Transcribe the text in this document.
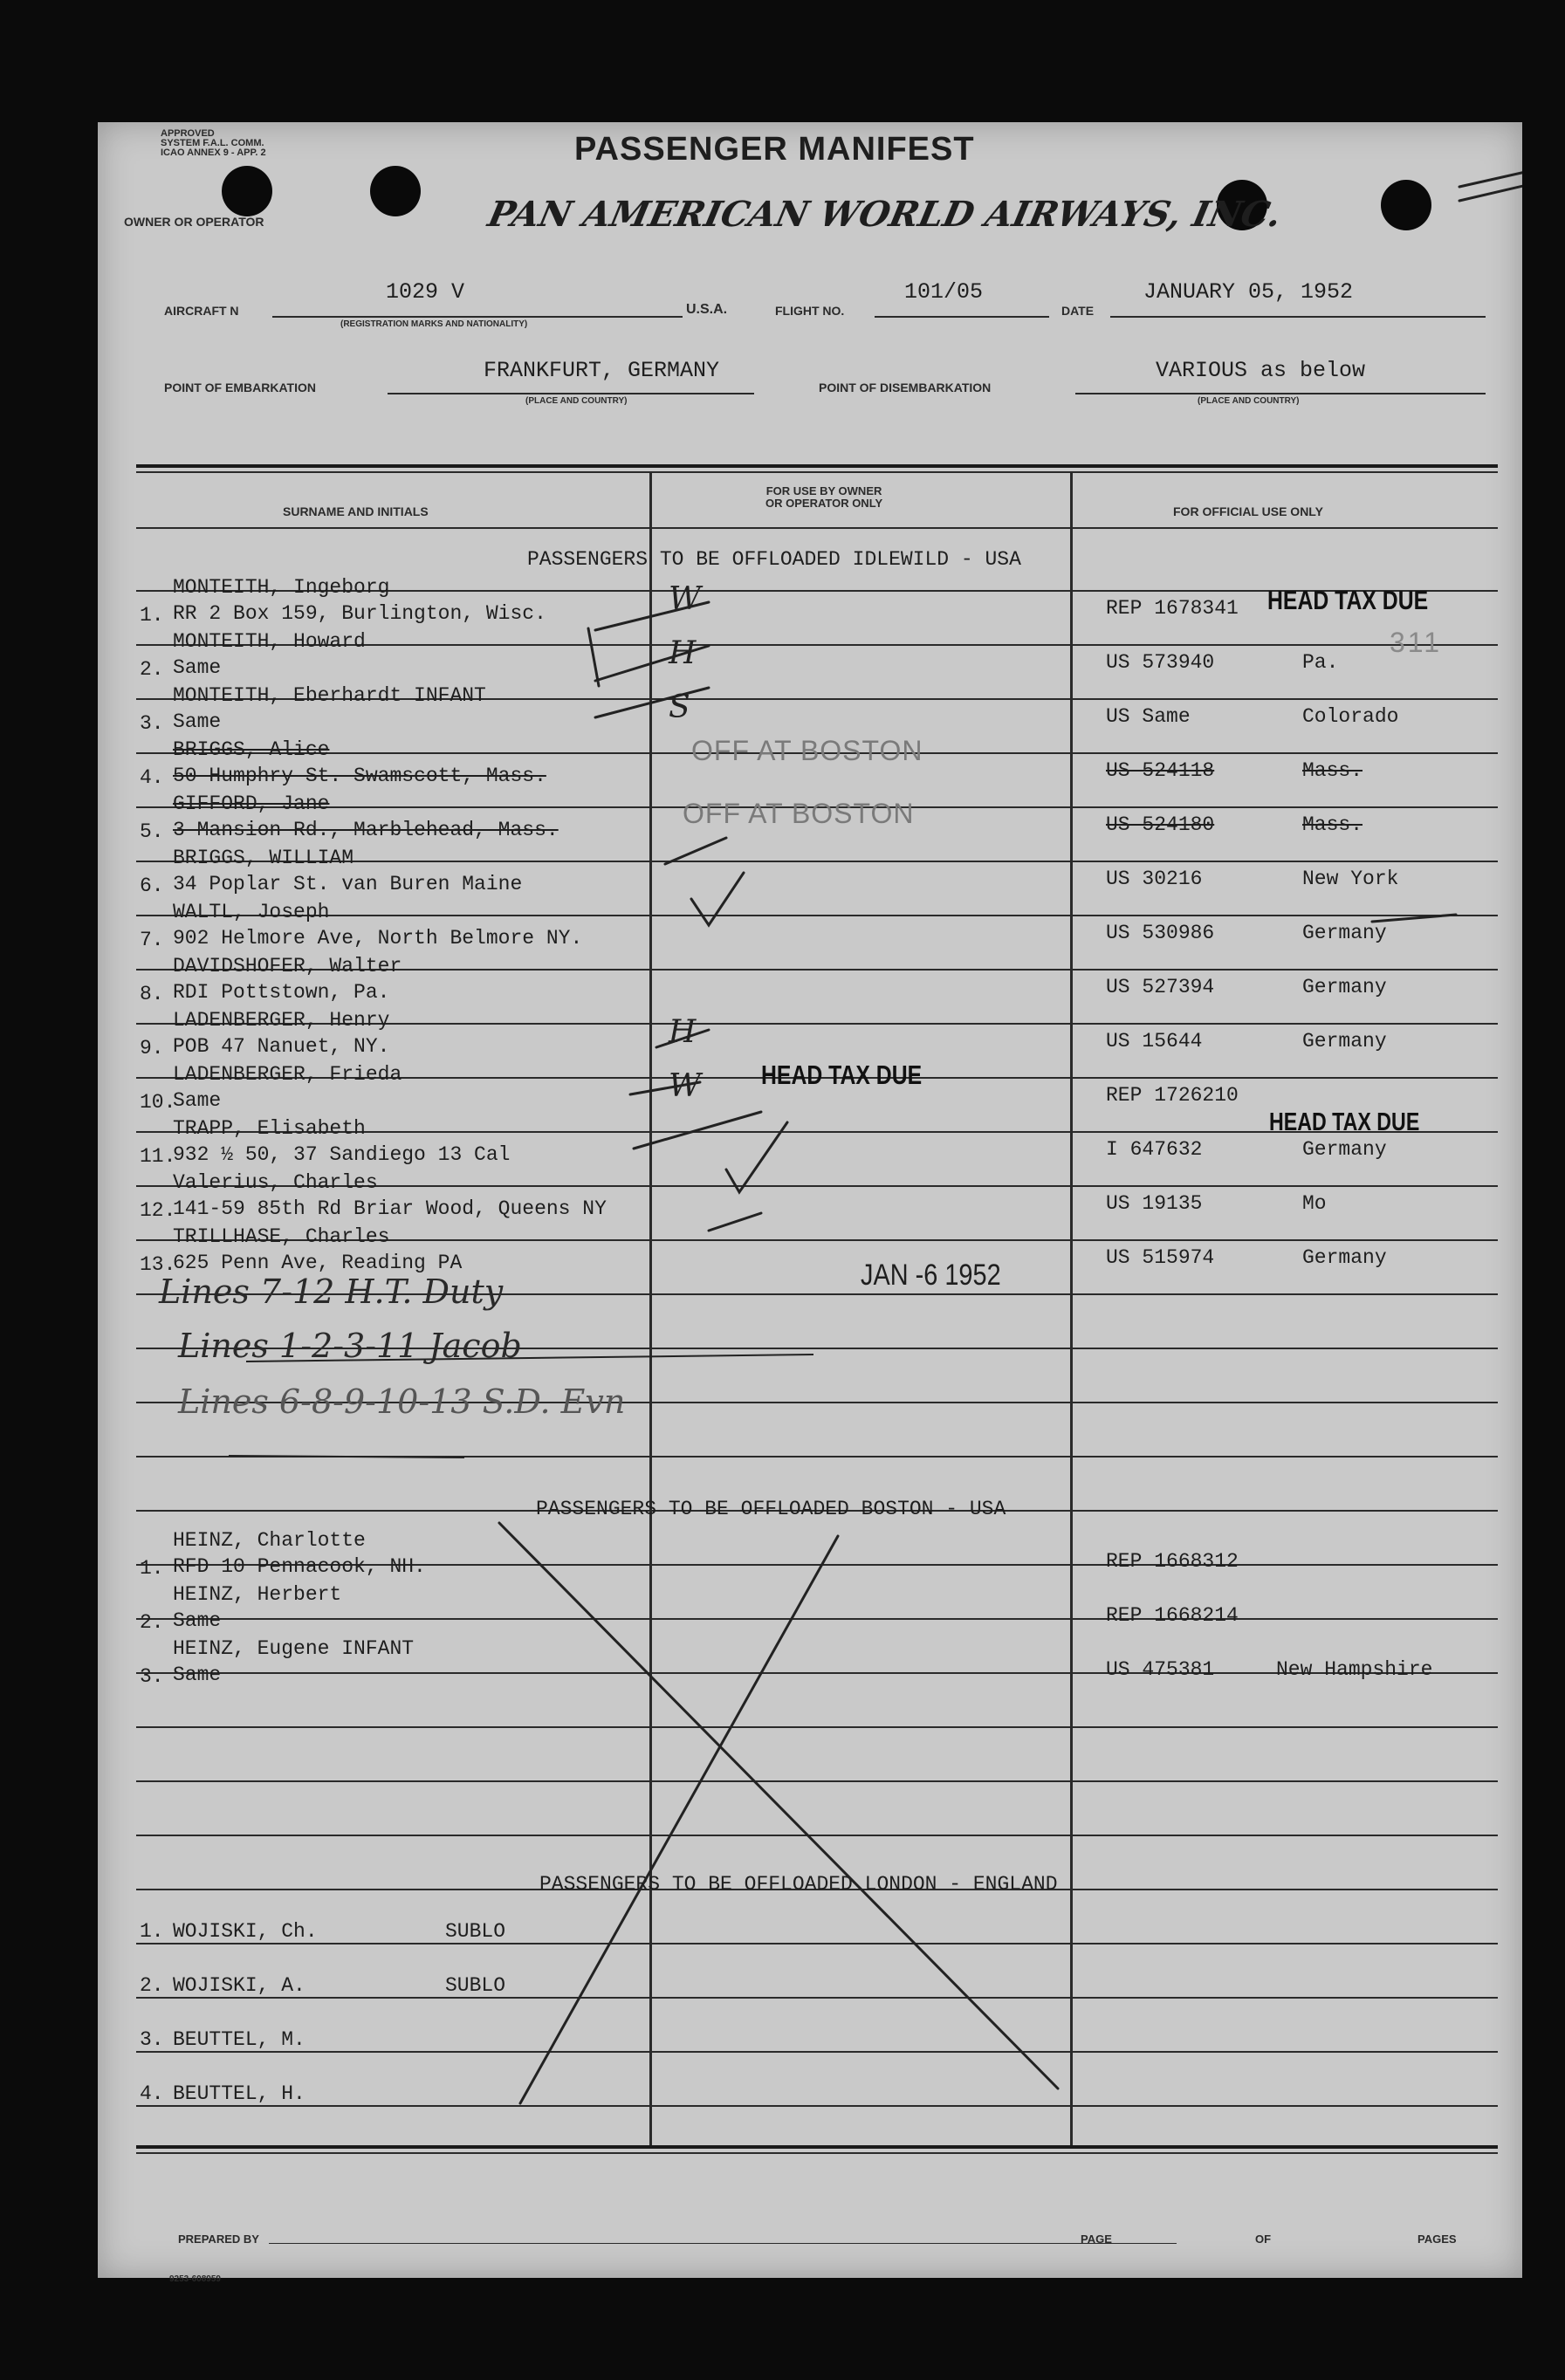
APPROVED
SYSTEM F.A.L. COMM.
ICAO ANNEX 9 - APP. 2	PASSENGER MANIFEST
OWNER OR OPERATOR	PAN AMERICAN WORLD AIRWAYS, INC.
AIRCRAFT N
1029 V
(REGISTRATION MARKS AND NATIONALITY)
U.S.A.	FLIGHT NO.
101/05
DATE
JANUARY 05, 1952
POINT OF EMBARKATION
FRANKFURT, GERMANY
(PLACE AND COUNTRY)
POINT OF DISEMBARKATION
VARIOUS as below
(PLACE AND COUNTRY)
SURNAME AND INITIALS
FOR USE BY OWNER
OR OPERATOR ONLY
FOR OFFICIAL USE ONLY
PASSENGERS TO BE OFFLOADED IDLEWILD - USA
1.
MONTEITH, Ingeborg
RR 2 Box 159, Burlington, Wisc.	REP 1678341
W
2.
MONTEITH, Howard
Same	US 573940	Pa.
H
3.
MONTEITH, Eberhardt INFANT
Same	US Same	Colorado
S
4.
BRIGGS, Alice
50 Humphry St. Swamscott, Mass.	US 524118	Mass.
5.
GIFFORD, Jane
3 Mansion Rd., Marblehead, Mass.	US 524180	Mass.
6.
BRIGGS, WILLIAM
34 Poplar St. van Buren Maine	US 30216	New York
7.
WALTL, Joseph
902 Helmore Ave, North Belmore NY.	US 530986	Germany
8.
DAVIDSHOFER, Walter
RDI Pottstown, Pa.	US 527394	Germany
9.
LADENBERGER, Henry
POB 47 Nanuet, NY.	US 15644	Germany
H
10.
LADENBERGER, Frieda
Same	REP 1726210
W
11.
TRAPP, Elisabeth
932 ½ 50, 37 Sandiego 13 Cal	I 647632	Germany
12.
Valerius, Charles
141-59 85th Rd Briar Wood, Queens NY	US 19135	Mo
13.
TRILLHASE, Charles
625 Penn Ave, Reading PA	US 515974	Germany
HEAD TAX DUE
311
OFF AT BOSTON
OFF AT BOSTON
HEAD TAX DUE
HEAD TAX DUE
JAN -6 1952
Lines 7-12 H.T. Duty
Lines 1-2-3-11 Jacob
Lines 6-8-9-10-13 S.D. Evn
PASSENGERS TO BE OFFLOADED BOSTON - USA
1.
HEINZ, Charlotte
RFD 10 Pennacook, NH.	REP 1668312
2.
HEINZ, Herbert
Same	REP 1668214
3.
HEINZ, Eugene INFANT
Same	US 475381	New Hampshire
PASSENGERS TO BE OFFLOADED LONDON - ENGLAND
1. WOJISKI, Ch.	SUBLO
2. WOJISKI, A.	SUBLO
3. BEUTTEL, M.
4. BEUTTEL, H.
PREPARED BY	PAGE	OF	PAGES
9253-608959
